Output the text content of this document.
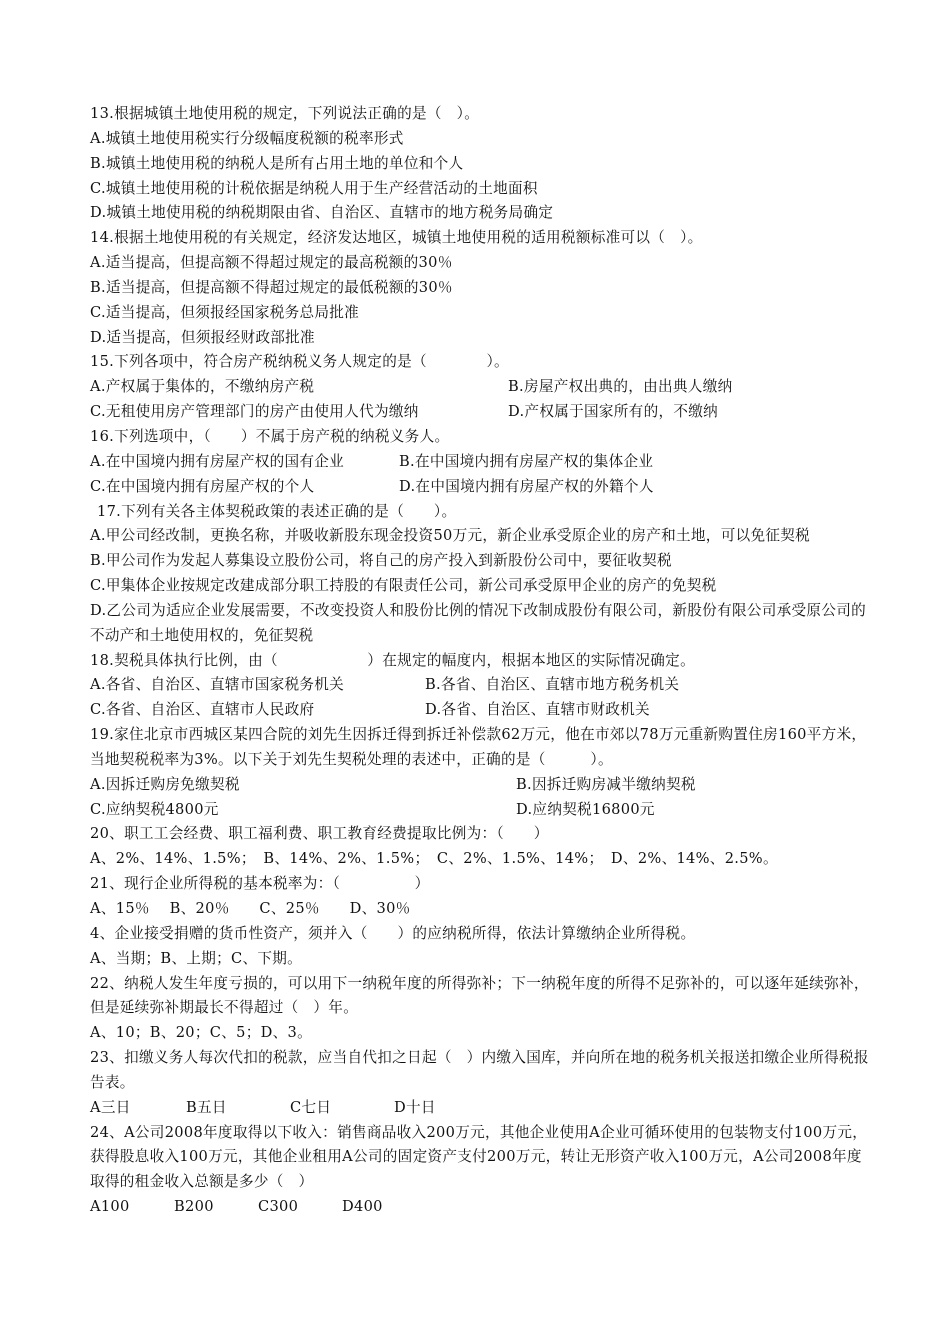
13.根据城镇土地使用税的规定，下列说法正确的是（　）。

A.城镇土地使用税实行分级幅度税额的税率形式

B.城镇土地使用税的纳税人是所有占用土地的单位和个人

C.城镇土地使用税的计税依据是纳税人用于生产经营活动的土地面积

D.城镇土地使用税的纳税期限由省、自治区、直辖市的地方税务局确定

14.根据土地使用税的有关规定，经济发达地区，城镇土地使用税的适用税额标准可以（　）。

A.适当提高，但提高额不得超过规定的最高税额的30％

B.适当提高，但提高额不得超过规定的最低税额的30％

C.适当提高，但须报经国家税务总局批准

D.适当提高，但须报经财政部批准

15.下列各项中，符合房产税纳税义务人规定的是（　　　　）。

A.产权属于集体的，不缴纳房产税	B.房屋产权出典的，由出典人缴纳
C.无租使用房产管理部门的房产由使用人代为缴纳	D.产权属于国家所有的，不缴纳

16.下列选项中，（　　）不属于房产税的纳税义务人。

A.在中国境内拥有房屋产权的国有企业	B.在中国境内拥有房屋产权的集体企业
C.在中国境内拥有房屋产权的个人	D.在中国境内拥有房屋产权的外籍个人

17.下列有关各主体契税政策的表述正确的是（　　）。

A.甲公司经改制，更换名称，并吸收新股东现金投资50万元，新企业承受原企业的房产和土地，可以免征契税

B.甲公司作为发起人募集设立股份公司，将自己的房产投入到新股份公司中，要征收契税

C.甲集体企业按规定改建成部分职工持股的有限责任公司，新公司承受原甲企业的房产的免契税

D.乙公司为适应企业发展需要，不改变投资人和股份比例的情况下改制成股份有限公司，新股份有限公司承受原公司的不动产和土地使用权的，免征契税

18.契税具体执行比例，由（　　　　　　）在规定的幅度内，根据本地区的实际情况确定。

A.各省、自治区、直辖市国家税务机关	B.各省、自治区、直辖市地方税务机关
C.各省、自治区、直辖市人民政府	D.各省、自治区、直辖市财政机关

19.家住北京市西城区某四合院的刘先生因拆迁得到拆迁补偿款62万元，他在市郊以78万元重新购置住房160平方米，当地契税税率为3%。以下关于刘先生契税处理的表述中，正确的是（　　　）。

A.因拆迁购房免缴契税	B.因拆迁购房减半缴纳契税
C.应纳契税4800元	D.应纳契税16800元

20、职工工会经费、职工福利费、职工教育经费提取比例为：（　　）

A、2%、14%、1.5%；　B、14%、2%、1.5%；　C、2%、1.5%、14%；　D、2%、14%、2.5%。

21、现行企业所得税的基本税率为：（　　　　　）

A、15％　 B、20％　　C、25％　　D、30％

4、企业接受捐赠的货币性资产，须并入（　　）的应纳税所得，依法计算缴纳企业所得税。

A、当期；B、上期；C、下期。

22、纳税人发生年度亏损的，可以用下一纳税年度的所得弥补；下一纳税年度的所得不足弥补的，可以逐年延续弥补，但是延续弥补期最长不得超过（　）年。

A、10；B、20；C、5；D、3。

23、扣缴义务人每次代扣的税款，应当自代扣之日起（　）内缴入国库，并向所在地的税务机关报送扣缴企业所得税报告表。

A三日	B五日	C七日	D十日

24、A公司2008年度取得以下收入：销售商品收入200万元，其他企业使用A企业可循环使用的包装物支付100万元，获得股息收入100万元，其他企业租用A公司的固定资产支付200万元，转让无形资产收入100万元，A公司2008年度取得的租金收入总额是多少（　）

A100	B200	C300	D400
